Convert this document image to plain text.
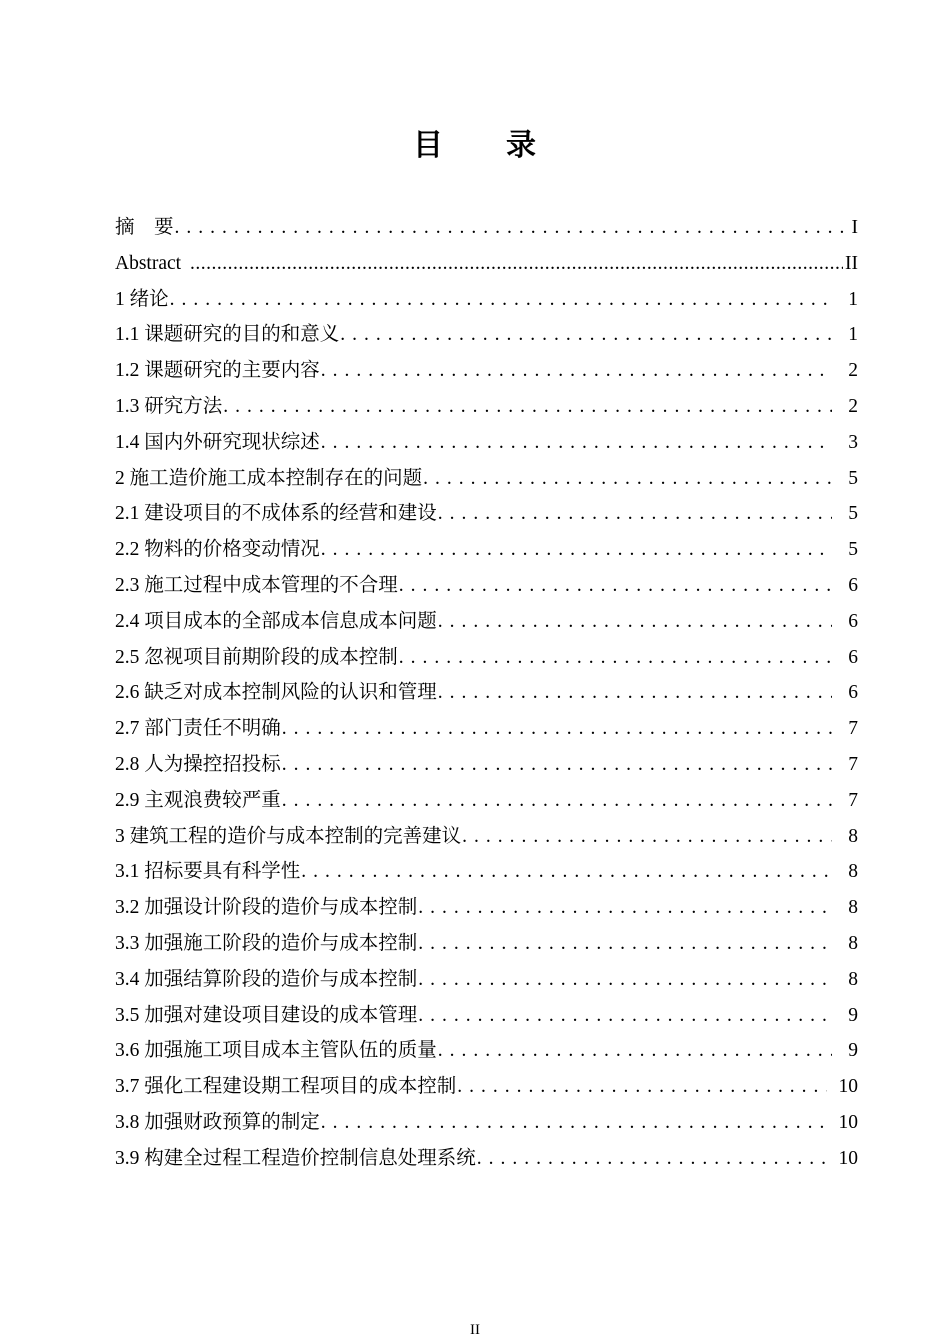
目　　录
摘　要 .....	I
Abstract .....	II
1 绪论 .....	1
1.1 课题研究的目的和意义 .....	1
1.2 课题研究的主要内容 .....	2
1.3 研究方法 .....	2
1.4 国内外研究现状综述 .....	3
2 施工造价施工成本控制存在的问题 .....	5
2.1 建设项目的不成体系的经营和建设 .....	5
2.2 物料的价格变动情况 .....	5
2.3 施工过程中成本管理的不合理 .....	6
2.4 项目成本的全部成本信息成本问题 .....	6
2.5 忽视项目前期阶段的成本控制 .....	6
2.6 缺乏对成本控制风险的认识和管理 .....	6
2.7 部门责任不明确 .....	7
2.8 人为操控招投标 .....	7
2.9 主观浪费较严重 .....	7
3 建筑工程的造价与成本控制的完善建议 .....	8
3.1 招标要具有科学性 .....	8
3.2 加强设计阶段的造价与成本控制 .....	8
3.3 加强施工阶段的造价与成本控制 .....	8
3.4 加强结算阶段的造价与成本控制 .....	8
3.5 加强对建设项目建设的成本管理 .....	9
3.6 加强施工项目成本主管队伍的质量 .....	9
3.7 强化工程建设期工程项目的成本控制 .....	10
3.8 加强财政预算的制定 .....	10
3.9 构建全过程工程造价控制信息处理系统 .....	10
II
